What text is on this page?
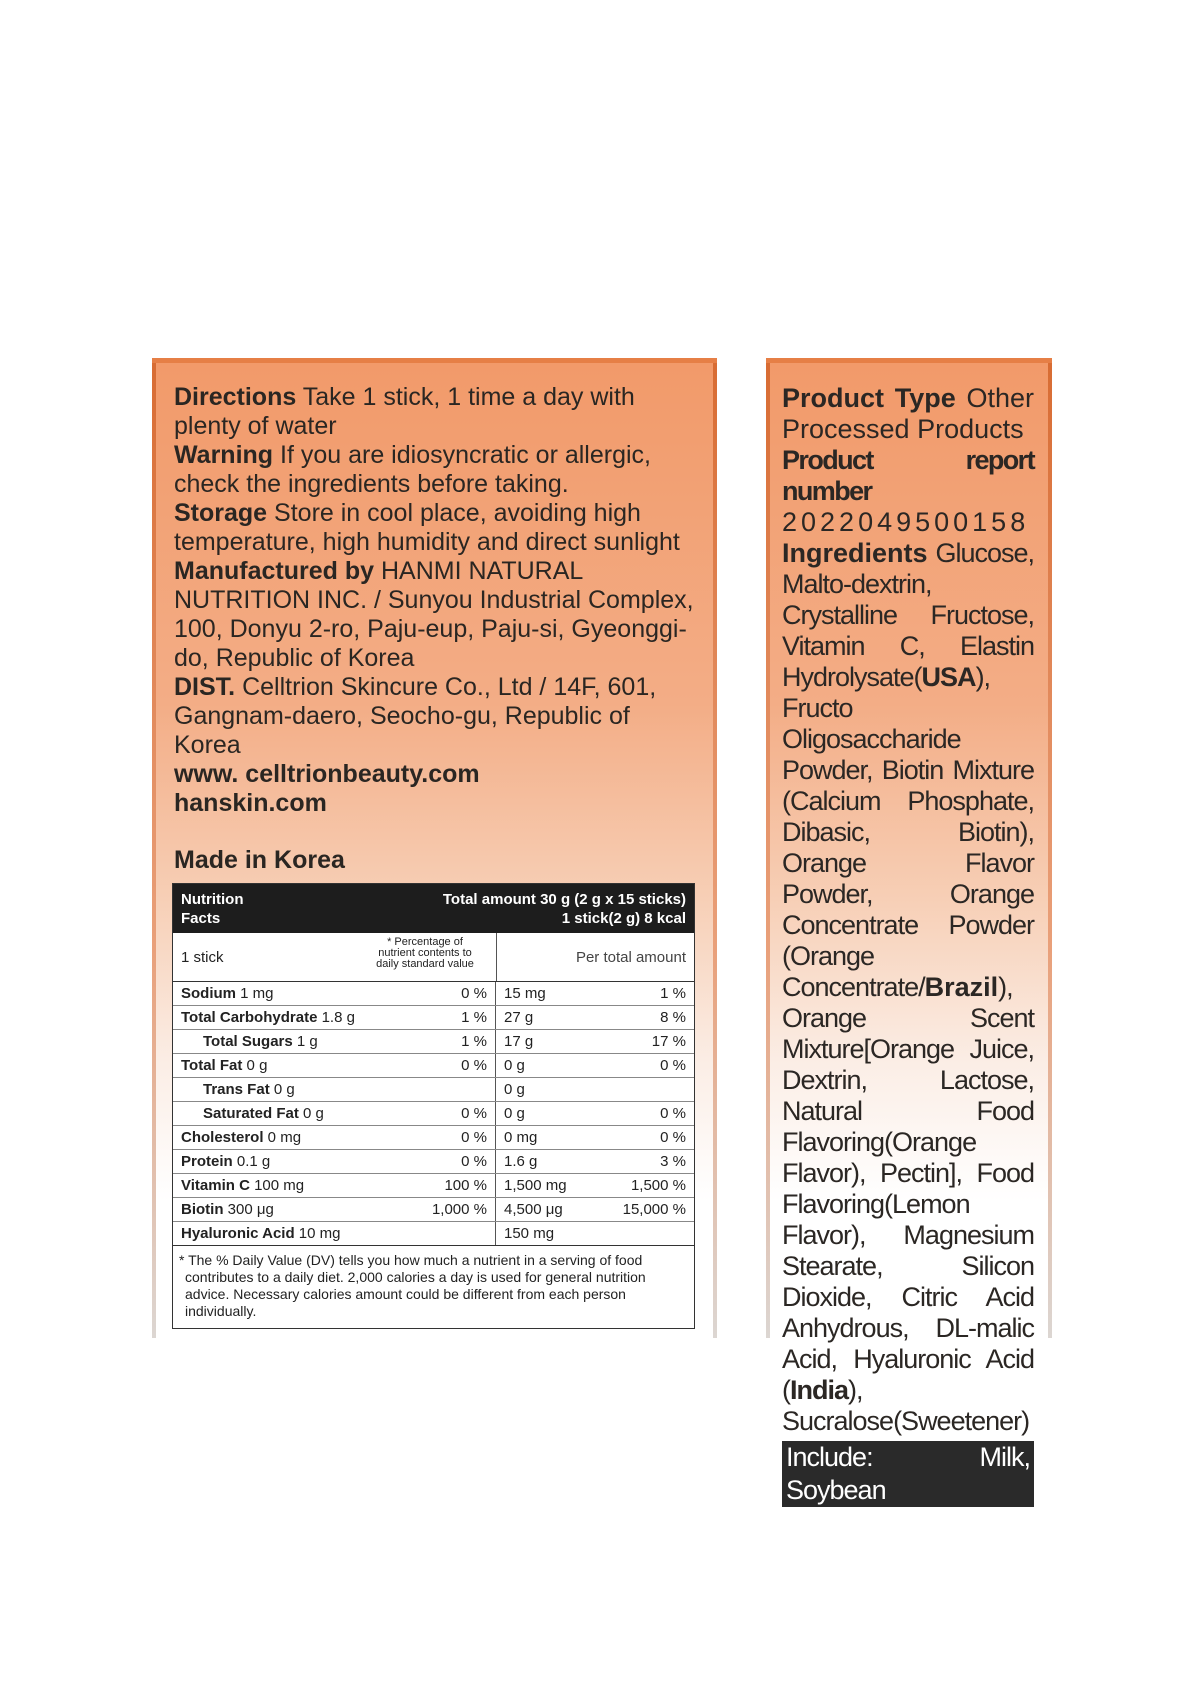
Directions Take 1 stick, 1 time a day with plenty of water

Warning If you are idiosyncratic or allergic, check the ingredients before taking.

Storage Store in cool place, avoiding high temperature, high humidity and direct sunlight

Manufactured by HANMI NATURAL NUTRITION INC. / Sunyou Industrial Complex, 100, Donyu 2-ro, Paju-eup, Paju-si, Gyeonggi-do, Republic of Korea

DIST. Celltrion Skincure Co., Ltd / 14F, 601, Gangnam-daero, Seocho-gu, Republic of Korea

www. celltrionbeauty.com

hanskin.com

Made in Korea

Nutrition
Facts
Total amount 30 g (2 g x 15 sticks)
1 stick(2 g) 8 kcal
1 stick
* Percentage of
nutrient contents to
daily standard value	Per total amount
Sodium 1 mg	0 %	15 mg	1 %
Total Carbohydrate 1.8 g	1 %	27 g	8 %
Total Sugars 1 g	1 %	17 g	17 %
Total Fat 0 g	0 %	0 g	0 %
Trans Fat 0 g	0 g
Saturated Fat 0 g	0 %	0 g	0 %
Cholesterol 0 mg	0 %	0 mg	0 %
Protein 0.1 g	0 %	1.6 g	3 %
Vitamin C 100 mg	100 %	1,500 mg	1,500 %
Biotin 300 μg	1,000 %	4,500 μg	15,000 %
Hyaluronic Acid 10 mg	150 mg
* The % Daily Value (DV) tells you how much a nutrient in a serving of food contributes to a daily diet. 2,000 calories a day is used for general nutrition advice. Necessary calories amount could be different from each person individually.
Product Type Other Processed Products
Product report number
2022049500158
Ingredients Glucose, Malto-dextrin, Crystalline Fructose, Vitamin C, Elastin Hydrolysate(USA), Fructo Oligosaccharide Powder, Biotin Mixture (Calcium Phosphate, Dibasic, Biotin), Orange Flavor Powder, Orange Concentrate Powder (Orange Concentrate/Brazil), Orange Scent Mixture[Orange Juice, Dextrin, Lactose, Natural Food Flavoring(Orange Flavor), Pectin], Food Flavoring(Lemon Flavor), Magnesium Stearate, Silicon Dioxide, Citric Acid Anhydrous, DL-malic Acid, Hyaluronic Acid (India), Sucralose(Sweetener)
Include: Milk, Soybean
